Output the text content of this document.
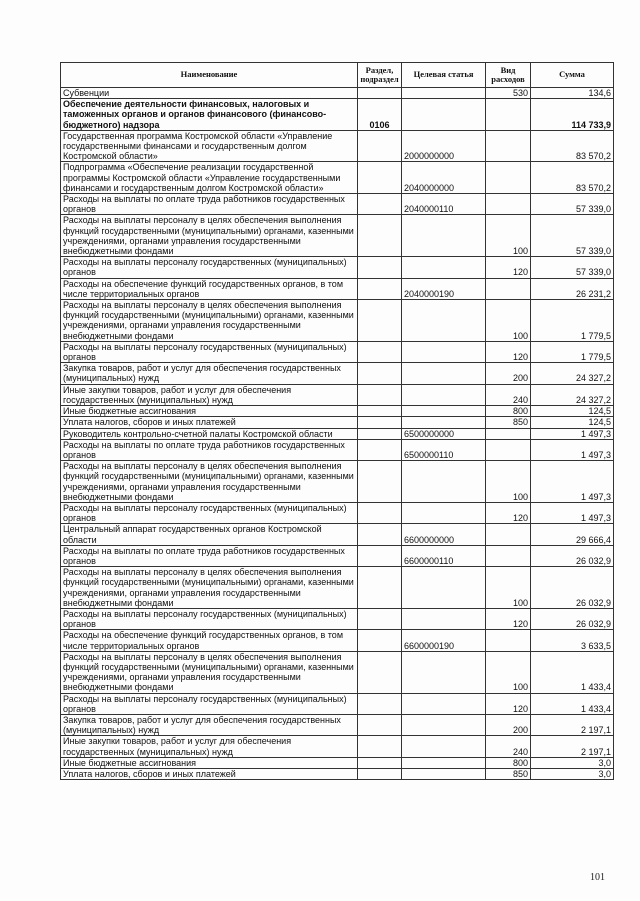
Наименование	Раздел, подраздел	Целевая статья	Вид расходов	Сумма
Субвенции			530	134,6
Обеспечение деятельности финансовых, налоговых и таможенных органов и органов финансового (финансово-бюджетного) надзора	0106			114 733,9
Государственная программа Костромской области «Управление государственными финансами и государственным долгом Костромской области»		2000000000		83 570,2
Подпрограмма «Обеспечение реализации государственной программы Костромской области «Управление государственными финансами и государственным долгом Костромской области»		2040000000		83 570,2
Расходы на выплаты по оплате труда работников государственных органов		2040000110		57 339,0
Расходы на выплаты персоналу в целях обеспечения выполнения функций государственными (муниципальными) органами, казенными учреждениями, органами управления государственными внебюджетными фондами			100	57 339,0
Расходы на выплаты персоналу государственных (муниципальных) органов			120	57 339,0
Расходы на обеспечение функций государственных органов, в том числе территориальных органов		2040000190		26 231,2
Расходы на выплаты персоналу в целях обеспечения выполнения функций государственными (муниципальными) органами, казенными учреждениями, органами управления государственными внебюджетными фондами			100	1 779,5
Расходы на выплаты персоналу государственных (муниципальных) органов			120	1 779,5
Закупка товаров, работ и услуг для обеспечения государственных (муниципальных) нужд			200	24 327,2
Иные закупки товаров, работ и услуг для обеспечения государственных (муниципальных) нужд			240	24 327,2
Иные бюджетные ассигнования			800	124,5
Уплата налогов, сборов и иных платежей			850	124,5
Руководитель контрольно-счетной палаты Костромской области		6500000000		1 497,3
Расходы на выплаты по оплате труда работников государственных органов		6500000110		1 497,3
Расходы на выплаты персоналу в целях обеспечения выполнения функций государственными (муниципальными) органами, казенными учреждениями, органами управления государственными внебюджетными фондами			100	1 497,3
Расходы на выплаты персоналу государственных (муниципальных) органов			120	1 497,3
Центральный аппарат государственных органов Костромской области		6600000000		29 666,4
Расходы на выплаты по оплате труда работников государственных органов		6600000110		26 032,9
Расходы на выплаты персоналу в целях обеспечения выполнения функций государственными (муниципальными) органами, казенными учреждениями, органами управления государственными внебюджетными фондами			100	26 032,9
Расходы на выплаты персоналу государственных (муниципальных) органов			120	26 032,9
Расходы на обеспечение функций государственных органов, в том числе территориальных органов		6600000190		3 633,5
Расходы на выплаты персоналу в целях обеспечения выполнения функций государственными (муниципальными) органами, казенными учреждениями, органами управления государственными внебюджетными фондами			100	1 433,4
Расходы на выплаты персоналу государственных (муниципальных) органов			120	1 433,4
Закупка товаров, работ и услуг для обеспечения государственных (муниципальных) нужд			200	2 197,1
Иные закупки товаров, работ и услуг для обеспечения государственных (муниципальных) нужд			240	2 197,1
Иные бюджетные ассигнования			800	3,0
Уплата налогов, сборов и иных платежей			850	3,0
101
